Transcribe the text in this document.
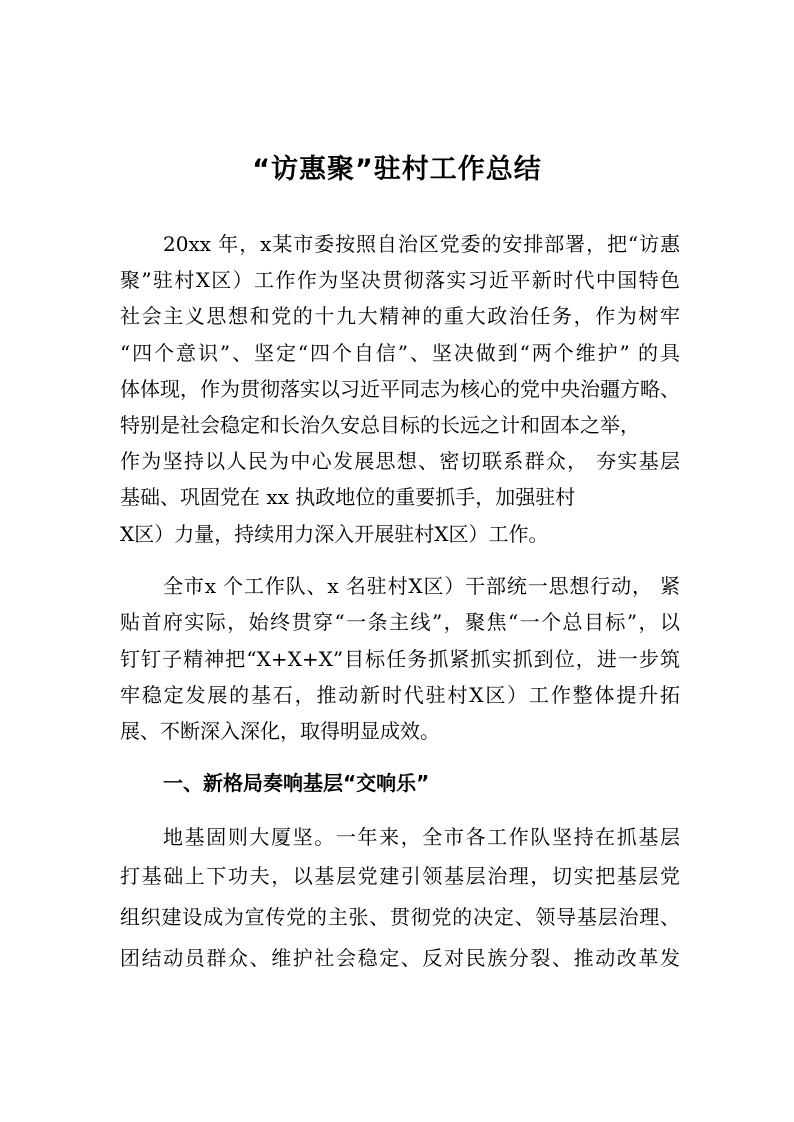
“访惠聚”驻村工作总结
20xx 年，x某市委按照自治区党委的安排部署，把“访惠
聚”驻村X区）工作作为坚决贯彻落实习近平新时代中国特色
社会主义思想和党的十九大精神的重大政治任务，作为树牢
“四个意识”、坚定“四个自信”、坚决做到“两个维护” 的具
体体现，作为贯彻落实以习近平同志为核心的党中央治疆方略、
特别是社会稳定和长治久安总目标的长远之计和固本之举，
作为坚持以人民为中心发展思想、密切联系群众， 夯实基层
基础、巩固党在 xx 执政地位的重要抓手，加强驻村
X区）力量，持续用力深入开展驻村X区）工作。
全市x 个工作队、x 名驻村X区）干部统一思想行动， 紧
贴首府实际，始终贯穿“一条主线”，聚焦“一个总目标”，以
钉钉子精神把“X+X+X”目标任务抓紧抓实抓到位，进一步筑
牢稳定发展的基石，推动新时代驻村X区）工作整体提升拓
展、不断深入深化，取得明显成效。
一、新格局奏响基层“交响乐”
地基固则大厦坚。一年来，全市各工作队坚持在抓基层
打基础上下功夫，以基层党建引领基层治理，切实把基层党
组织建设成为宣传党的主张、贯彻党的决定、领导基层治理、
团结动员群众、维护社会稳定、反对民族分裂、推动改革发
